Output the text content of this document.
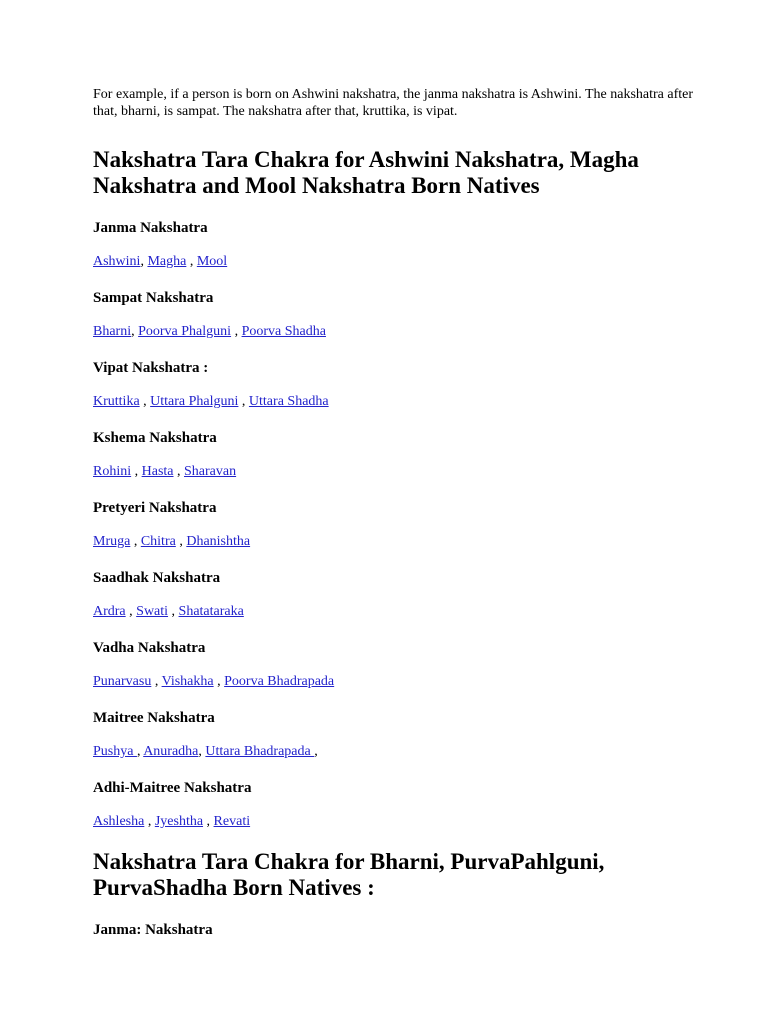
For example, if a person is born on Ashwini nakshatra, the janma nakshatra is Ashwini. The nakshatra after that, bharni, is sampat. The nakshatra after that, kruttika, is vipat.

Nakshatra Tara Chakra for Ashwini Nakshatra, Magha Nakshatra and Mool Nakshatra Born Natives
Janma Nakshatra
Ashwini, Magha , Mool
Sampat Nakshatra
Bharni, Poorva Phalguni , Poorva Shadha
Vipat Nakshatra :
Kruttika , Uttara Phalguni , Uttara Shadha
Kshema Nakshatra
Rohini , Hasta , Sharavan
Pretyeri Nakshatra
Mruga , Chitra , Dhanishtha
Saadhak Nakshatra
Ardra , Swati , Shatataraka
Vadha Nakshatra
Punarvasu , Vishakha , Poorva Bhadrapada
Maitree Nakshatra
Pushya , Anuradha, Uttara Bhadrapada ,
Adhi-Maitree Nakshatra
Ashlesha , Jyeshtha , Revati
Nakshatra Tara Chakra for Bharni, PurvaPahlguni, PurvaShadha Born Natives :
Janma: Nakshatra
